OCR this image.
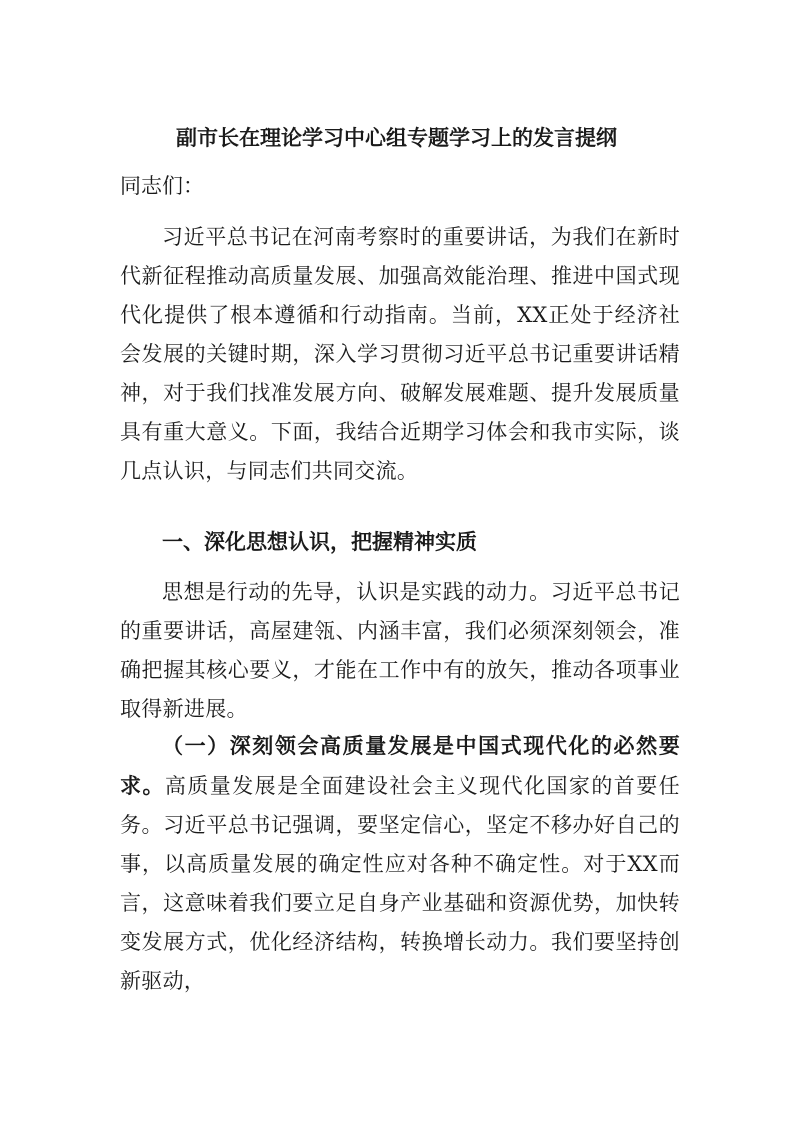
副市长在理论学习中心组专题学习上的发言提纲
同志们：
习近平总书记在河南考察时的重要讲话，为我们在新时代新征程推动高质量发展、加强高效能治理、推进中国式现代化提供了根本遵循和行动指南。当前，XX正处于经济社会发展的关键时期，深入学习贯彻习近平总书记重要讲话精神，对于我们找准发展方向、破解发展难题、提升发展质量具有重大意义。下面，我结合近期学习体会和我市实际，谈几点认识，与同志们共同交流。
一、深化思想认识，把握精神实质
思想是行动的先导，认识是实践的动力。习近平总书记的重要讲话，高屋建瓴、内涵丰富，我们必须深刻领会，准确把握其核心要义，才能在工作中有的放矢，推动各项事业取得新进展。
（一）深刻领会高质量发展是中国式现代化的必然要求。高质量发展是全面建设社会主义现代化国家的首要任务。习近平总书记强调，要坚定信心，坚定不移办好自己的事，以高质量发展的确定性应对各种不确定性。对于XX而言，这意味着我们要立足自身产业基础和资源优势，加快转变发展方式，优化经济结构，转换增长动力。我们要坚持创新驱动，
